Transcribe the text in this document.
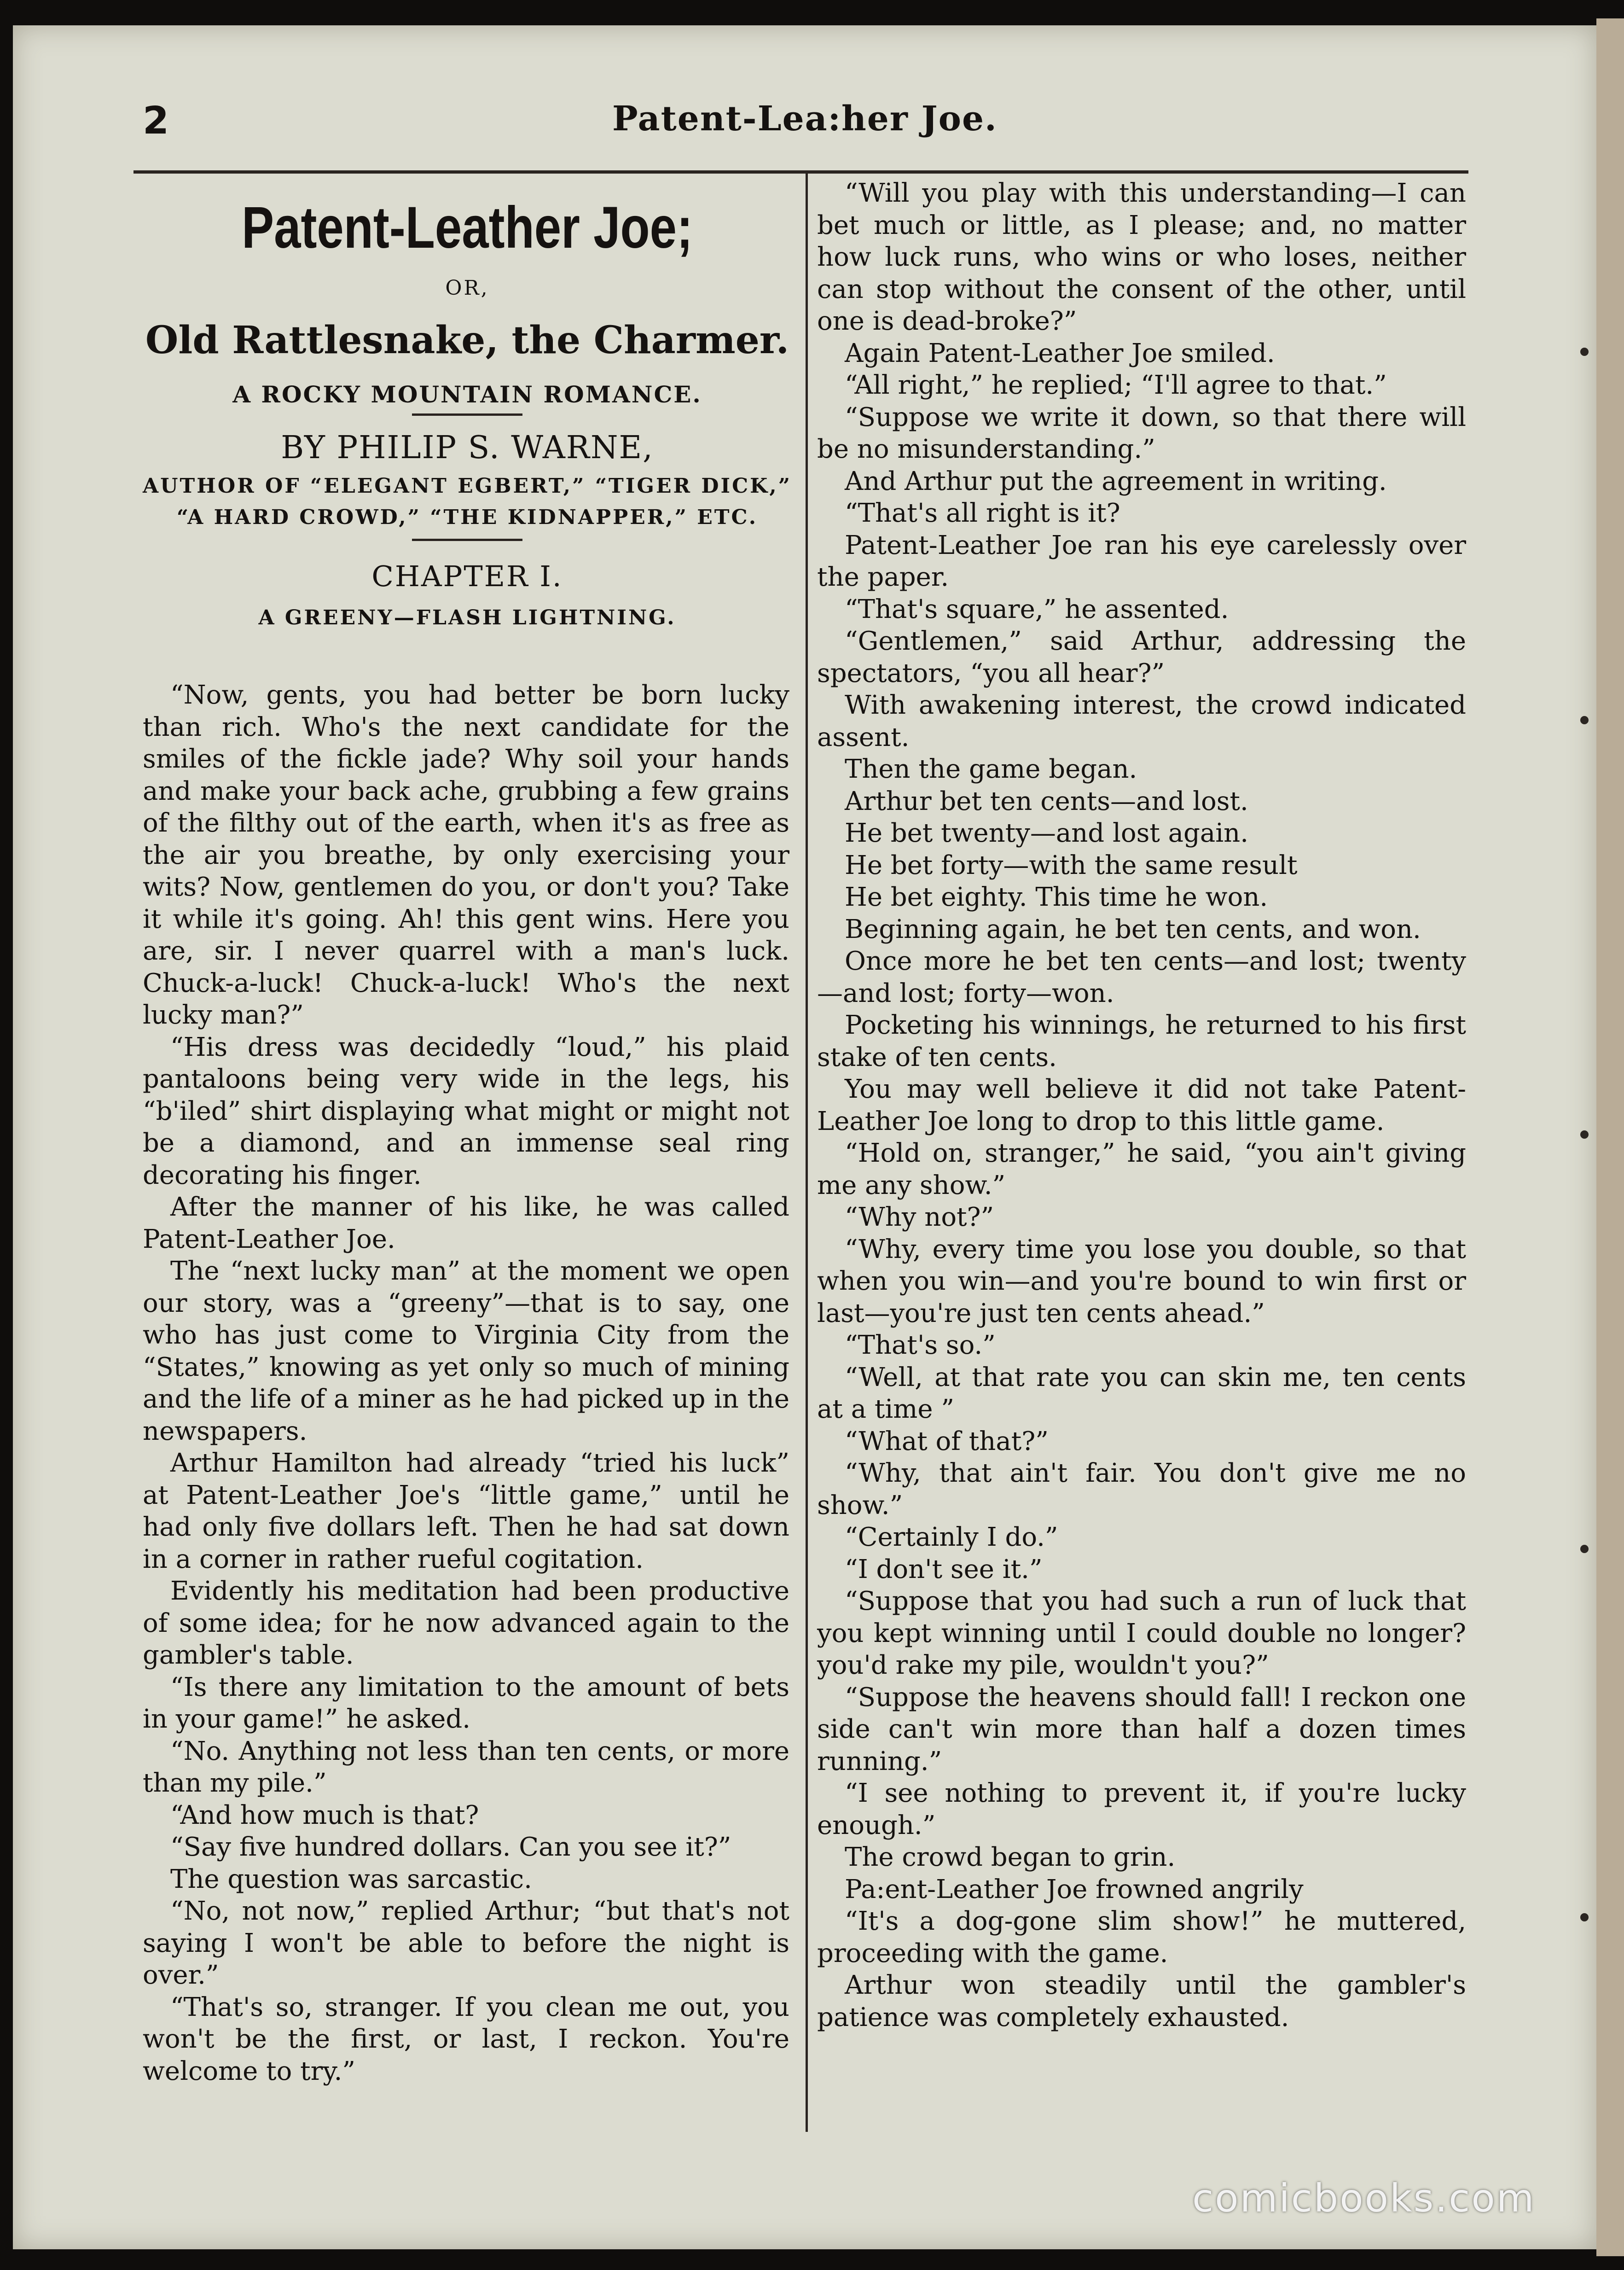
2	Patent-Lea:her Joe.
Patent-Leather Joe;
OR,
Old Rattlesnake, the Charmer.
A ROCKY MOUNTAIN ROMANCE.
BY PHILIP S. WARNE,
AUTHOR OF “ELEGANT EGBERT,” “TIGER DICK,” “A HARD CROWD,” “THE KIDNAPPER,” ETC.
CHAPTER I.
A GREENY—FLASH LIGHTNING.

“Now, gents, you had better be born lucky than rich. Who's the next candidate for the smiles of the fickle jade? Why soil your hands and make your back ache, grubbing a few grains of the filthy out of the earth, when it's as free as the air you breathe, by only exercising your wits? Now, gentlemen do you, or don't you? Take it while it's going. Ah! this gent wins. Here you are, sir. I never quarrel with a man's luck. Chuck-a-luck! Chuck-a-luck! Who's the next lucky man?”

“His dress was decidedly “loud,” his plaid pantaloons being very wide in the legs, his “b'iled” shirt displaying what might or might not be a diamond, and an immense seal ring decorating his finger.

After the manner of his like, he was called Patent-Leather Joe.

The “next lucky man” at the moment we open our story, was a “greeny”—that is to say, one who has just come to Virginia City from the “States,” knowing as yet only so much of mining and the life of a miner as he had picked up in the newspapers.

Arthur Hamilton had already “tried his luck” at Patent-Leather Joe's “little game,” until he had only five dollars left. Then he had sat down in a corner in rather rueful cogitation.

Evidently his meditation had been productive of some idea; for he now advanced again to the gambler's table.

“Is there any limitation to the amount of bets in your game!” he asked.

“No. Anything not less than ten cents, or more than my pile.”

“And how much is that?

“Say five hundred dollars. Can you see it?”

The question was sarcastic.

“No, not now,” replied Arthur; “but that's not saying I won't be able to before the night is over.”

“That's so, stranger. If you clean me out, you won't be the first, or last, I reckon. You're welcome to try.”

“Will you play with this understanding—I can bet much or little, as I please; and, no matter how luck runs, who wins or who loses, neither can stop without the consent of the other, until one is dead-broke?”

Again Patent-Leather Joe smiled.

“All right,” he replied; “I'll agree to that.”

“Suppose we write it down, so that there will be no misunderstanding.”

And Arthur put the agreement in writing.

“That's all right is it?

Patent-Leather Joe ran his eye carelessly over the paper.

“That's square,” he assented.

“Gentlemen,” said Arthur, addressing the spectators, “you all hear?”

With awakening interest, the crowd indicated assent.

Then the game began.

Arthur bet ten cents—and lost.

He bet twenty—and lost again.

He bet forty—with the same result

He bet eighty. This time he won.

Beginning again, he bet ten cents, and won.

Once more he bet ten cents—and lost; twenty—and lost; forty—won.

Pocketing his winnings, he returned to his first stake of ten cents.

You may well believe it did not take Patent-Leather Joe long to drop to this little game.

“Hold on, stranger,” he said, “you ain't giving me any show.”

“Why not?”

“Why, every time you lose you double, so that when you win—and you're bound to win first or last—you're just ten cents ahead.”

“That's so.”

“Well, at that rate you can skin me, ten cents at a time ”

“What of that?”

“Why, that ain't fair. You don't give me no show.”

“Certainly I do.”

“I don't see it.”

“Suppose that you had such a run of luck that you kept winning until I could double no longer? you'd rake my pile, wouldn't you?”

“Suppose the heavens should fall! I reckon one side can't win more than half a dozen times running.”

“I see nothing to prevent it, if you're lucky enough.”

The crowd began to grin.

Pa:ent-Leather Joe frowned angrily

“It's a dog-gone slim show!” he muttered, proceeding with the game.

Arthur won steadily until the gambler's patience was completely exhausted.

comicbooks.com
